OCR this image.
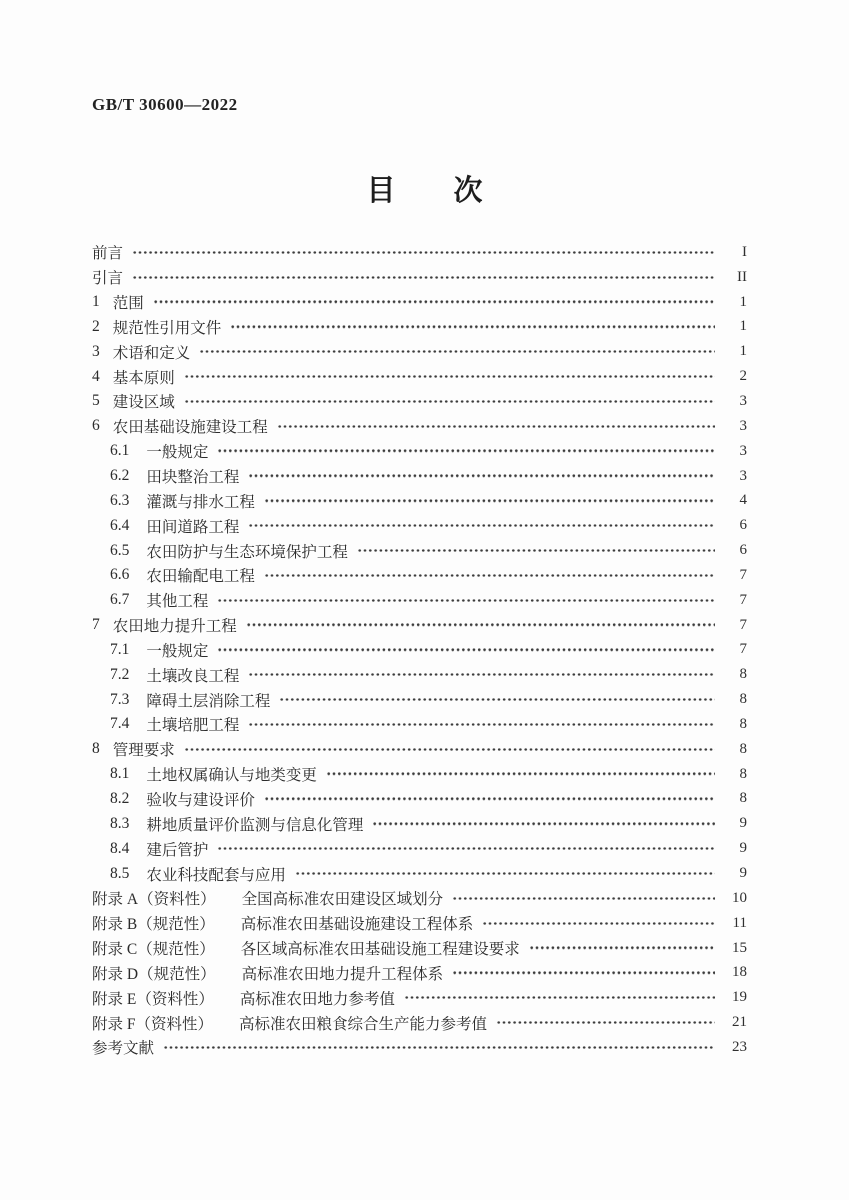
GB/T 30600—2022
目　　次
前言	I
引言	II
1 范围	1
2 规范性引用文件	1
3 术语和定义	1
4 基本原则	2
5 建设区域	3
6 农田基础设施建设工程	3
6.1 一般规定	3
6.2 田块整治工程	3
6.3 灌溉与排水工程	4
6.4 田间道路工程	6
6.5 农田防护与生态环境保护工程	6
6.6 农田输配电工程	7
6.7 其他工程	7
7 农田地力提升工程	7
7.1 一般规定	7
7.2 土壤改良工程	8
7.3 障碍土层消除工程	8
7.4 土壤培肥工程	8
8 管理要求	8
8.1 土地权属确认与地类变更	8
8.2 验收与建设评价	8
8.3 耕地质量评价监测与信息化管理	9
8.4 建后管护	9
8.5 农业科技配套与应用	9
附录 A（资料性） 全国高标准农田建设区域划分	10
附录 B（规范性） 高标准农田基础设施建设工程体系	11
附录 C（规范性） 各区域高标准农田基础设施工程建设要求	15
附录 D（规范性） 高标准农田地力提升工程体系	18
附录 E（资料性） 高标准农田地力参考值	19
附录 F（资料性） 高标准农田粮食综合生产能力参考值	21
参考文献	23
